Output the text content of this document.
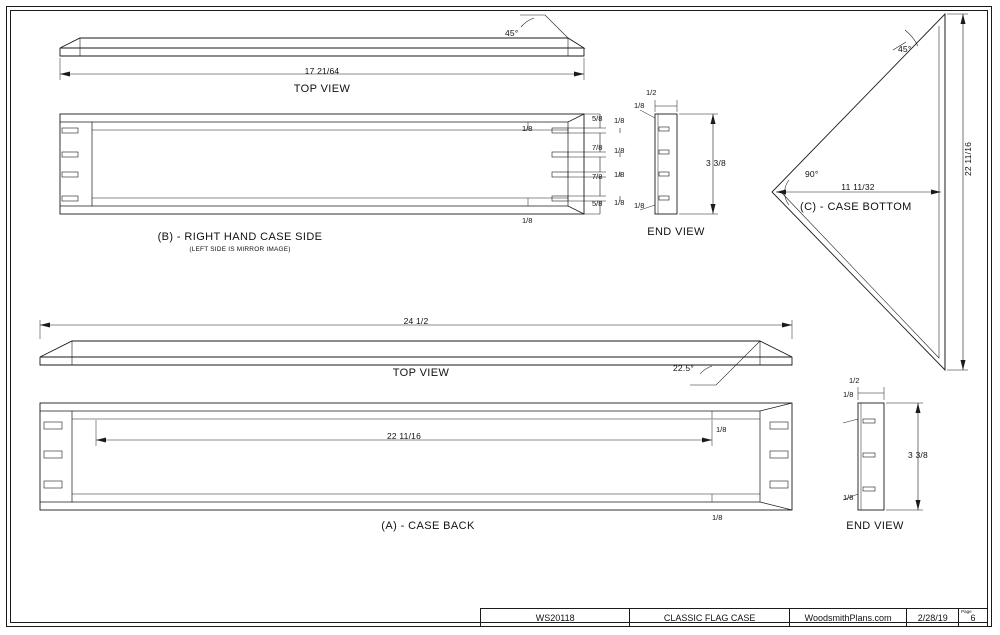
17 21/64
TOP VIEW
45°
(B) - RIGHT HAND CASE SIDE
(LEFT SIDE IS MIRROR IMAGE)
1/8
1/8
5/8
7/8
7/8
5/8
1/8
1/8
1/8
1/8
1/2
1/8
1/8
3 3/8
END VIEW
45°
90°
11 11/32
22 11/16
(C) - CASE BOTTOM
24 1/2
TOP VIEW	22.5°
22 11/16
1/8
1/8
(A) - CASE BACK
1/2
1/8
1/8
3 3/8
END VIEW
WS20118	CLASSIC FLAG CASE	WoodsmithPlans.com	2/28/19
Page
6
